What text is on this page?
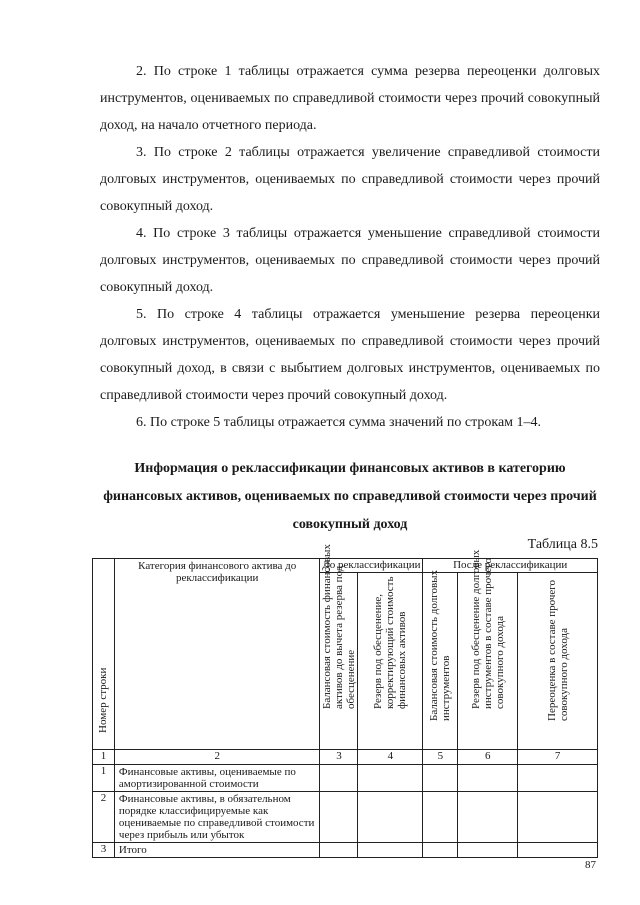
2. По строке 1 таблицы отражается сумма резерва переоценки долговых инструментов, оцениваемых по справедливой стоимости через прочий совокупный доход, на начало отчетного периода.

3. По строке 2 таблицы отражается увеличение справедливой стоимости долговых инструментов, оцениваемых по справедливой стоимости через прочий совокупный доход.

4. По строке 3 таблицы отражается уменьшение справедливой стоимости долговых инструментов, оцениваемых по справедливой стоимости через прочий совокупный доход.

5. По строке 4 таблицы отражается уменьшение резерва переоценки долговых инструментов, оцениваемых по справедливой стоимости через прочий совокупный доход, в связи с выбытием долговых инструментов, оцениваемых по справедливой стоимости через прочий совокупный доход.

6. По строке 5 таблицы отражается сумма значений по строкам 1–4.

Информация о реклассификации финансовых активов в категорию финансовых активов, оцениваемых по справедливой стоимости через прочий совокупный доход
Таблица 8.5
Номер строки	Категория финансового актива до реклассификации	До реклассификации		После реклассификации		

		Балансовая стоимость финансовых активов до вычета резерва под обесценение	Резерв под обесценение, корректирующий стоимость финансовых активов	Балансовая стоимость долговых инструментов	Резерв под обесценение долговых инструментов в составе прочего совокупного дохода	Переоценка в составе прочего совокупного дохода

1	2	3	4	5	6	7
1	Финансовые активы, оцениваемые по амортизированной стоимости					
2	Финансовые активы, в обязательном порядке классифицируемые как оцениваемые по справедливой стоимости через прибыль или убыток					
3	Итого					
87
